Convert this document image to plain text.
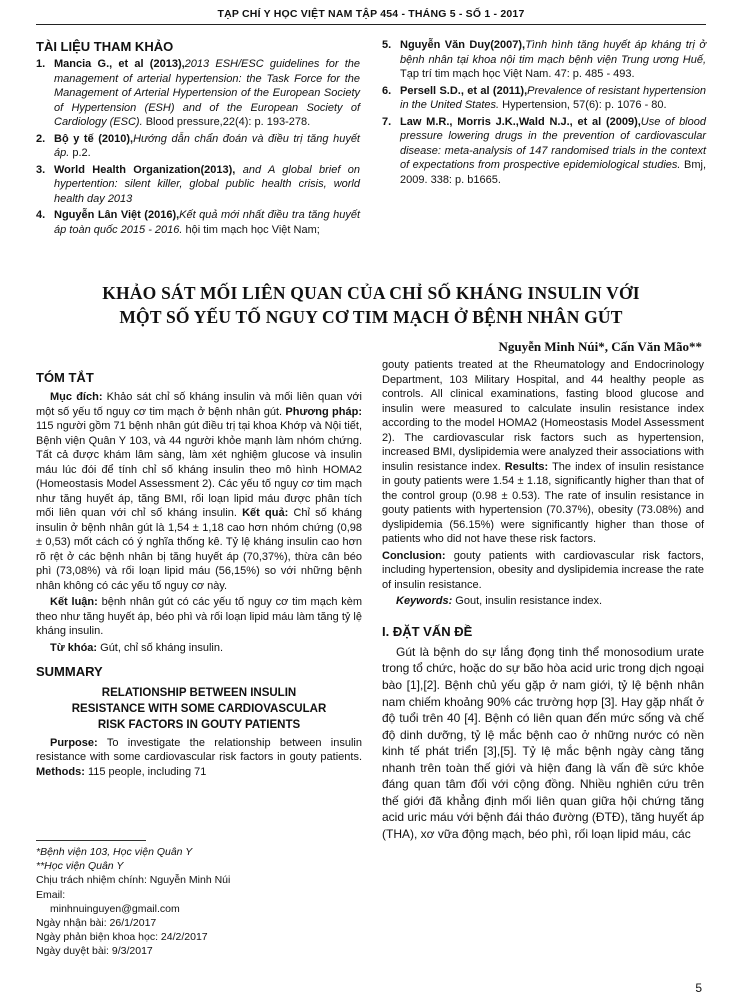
TẠP CHÍ Y HỌC VIỆT NAM TẬP 454 - THÁNG 5 - SỐ 1 - 2017
TÀI LIỆU THAM KHẢO
1. Mancia G., et al (2013),2013 ESH/ESC guidelines for the management of arterial hypertension: the Task Force for the Management of Arterial Hypertension of the European Society of Hypertension (ESH) and of the European Society of Cardiology (ESC). Blood pressure,22(4): p. 193-278.
2. Bộ y tế (2010),Hướng dẫn chẩn đoán và điều trị tăng huyết áp. p.2.
3. World Health Organization(2013), and A global brief on hypertention: silent killer, global public health crisis, world health day 2013
4. Nguyễn Lân Việt (2016),Kết quả mới nhất điều tra tăng huyết áp toàn quốc 2015 - 2016. hội tim mạch học Việt Nam;
5. Nguyễn Văn Duy(2007),Tình hình tăng huyết áp kháng trị ở bệnh nhân tại khoa nội tim mạch bệnh viện Trung ương Huế, Tạp trí tim mạch học Việt Nam. 47: p. 485 - 493.
6. Persell S.D., et al (2011),Prevalence of resistant hypertension in the United States. Hypertension, 57(6): p. 1076 - 80.
7. Law M.R., Morris J.K.,Wald N.J., et al (2009),Use of blood pressure lowering drugs in the prevention of cardiovascular disease: meta-analysis of 147 randomised trials in the context of expectations from prospective epidemiological studies. Bmj, 2009. 338: p. b1665.
KHẢO SÁT MỐI LIÊN QUAN CỦA CHỈ SỐ KHÁNG INSULIN VỚI
MỘT SỐ YẾU TỐ NGUY CƠ TIM MẠCH Ở BỆNH NHÂN GÚT
Nguyễn Minh Núi*, Cấn Văn Mão**
TÓM TẮT

Mục đích: Khảo sát chỉ số kháng insulin và mối liên quan với một số yếu tố nguy cơ tim mạch ở bệnh nhân gút. Phương pháp: 115 người gồm 71 bệnh nhân gút điều trị tại khoa Khớp và Nội tiết, Bệnh viện Quân Y 103, và 44 người khỏe mạnh làm nhóm chứng. Tất cả được khám lâm sàng, làm xét nghiệm glucose và insulin máu lúc đói để tính chỉ số kháng insulin theo mô hình HOMA2 (Homeostasis Model Assessment 2). Các yếu tố nguy cơ tim mạch như tăng huyết áp, tăng BMI, rối loạn lipid máu được phân tích mối liên quan với chỉ số kháng insulin. Kết quả: Chỉ số kháng insulin ở bệnh nhân gút là 1,54 ± 1,18 cao hơn nhóm chứng (0,98 ± 0,53) mốt cách có ý nghĩa thống kê. Tỷ lệ kháng insulin cao hơn rõ rệt ở các bệnh nhân bị tăng huyết áp (70,37%), thừa cân béo phì (73,08%) và rối loạn lipid máu (56,15%) so với những bệnh nhân không có các yếu tố nguy cơ này.

Kết luận: bệnh nhân gút có các yếu tố nguy cơ tim mạch kèm theo như tăng huyết áp, béo phì và rối loạn lipid máu làm tăng tỷ lệ kháng insulin.

Từ khóa: Gút, chỉ số kháng insulin.

SUMMARY
RELATIONSHIP BETWEEN INSULIN
RESISTANCE WITH SOME CARDIOVASCULAR
RISK FACTORS IN GOUTY PATIENTS

Purpose: To investigate the relationship between insulin resistance with some cardiovascular risk factors in gouty patients. Methods: 115 people, including 71

*Bệnh viện 103, Học viện Quân Y
**Học viện Quân Y
Chịu trách nhiệm chính: Nguyễn Minh Núi
Email:
minhnuinguyen@gmail.com
Ngày nhận bài: 26/1/2017
Ngày phản biện khoa học: 24/2/2017
Ngày duyệt bài: 9/3/2017

gouty patients treated at the Rheumatology and Endocrinology Department, 103 Military Hospital, and 44 healthy people as controls. All clinical examinations, fasting blood glucose and insulin were measured to calculate insulin resistance index according to the model HOMA2 (Homeostasis Model Assessment 2). The cardiovascular risk factors such as hypertension, increased BMI, dyslipidemia were analyzed their associations with insulin resistance index. Results: The index of insulin resistance in gouty patients were 1.54 ± 1.18, significantly higher than that of the control group (0.98 ± 0.53). The rate of insulin resistance in gouty patients with hypertension (70.37%), obesity (73.08%) and dyslipidemia (56.15%) were significantly higher than those of patients who did not have these risk factors.

Conclusion: gouty patients with cardiovascular risk factors, including hypertension, obesity and dyslipidemia increase the rate of insulin resistance.

Keywords: Gout, insulin resistance index.

I. ĐẶT VẤN ĐỀ

Gút là bệnh do sự lắng đọng tinh thể monosodium urate trong tổ chức, hoặc do sự bão hòa acid uric trong dịch ngoại bào [1],[2]. Bệnh chủ yếu gặp ở nam giới, tỷ lệ bệnh nhân nam chiếm khoảng 90% các trường hợp [3]. Hay gặp nhất ở độ tuổi trên 40 [4]. Bệnh có liên quan đến mức sống và chế độ dinh dưỡng, tỷ lệ mắc bệnh cao ở những nước có nền kinh tế phát triển [3],[5]. Tỷ lệ mắc bệnh ngày càng tăng nhanh trên toàn thế giới và hiện đang là vấn đề sức khỏe đáng quan tâm đối với cộng đồng. Nhiều nghiên cứu trên thế giới đã khẳng định mối liên quan giữa hội chứng tăng acid uric máu với bệnh đái tháo đường (ĐTĐ), tăng huyết áp (THA), xơ vữa động mạch, béo phì, rối loạn lipid máu, các

5
